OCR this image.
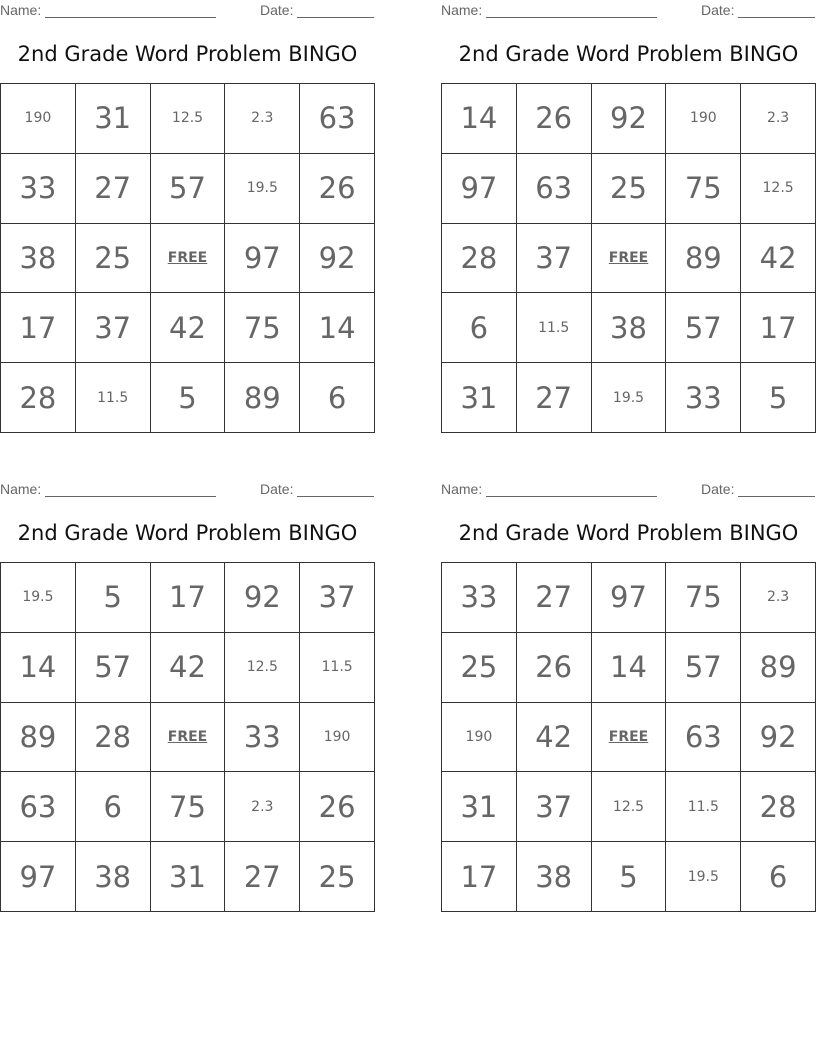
Name:	Date:
2nd Grade Word Problem BINGO
190	31	12.5	2.3	63
33	27	57	19.5	26
38	25	FREE	97	92
17	37	42	75	14
28	11.5	5	89	6
Name:	Date:
2nd Grade Word Problem BINGO
14	26	92	190	2.3
97	63	25	75	12.5
28	37	FREE	89	42
6	11.5	38	57	17
31	27	19.5	33	5
Name:	Date:
2nd Grade Word Problem BINGO
19.5	5	17	92	37
14	57	42	12.5	11.5
89	28	FREE	33	190
63	6	75	2.3	26
97	38	31	27	25
Name:	Date:
2nd Grade Word Problem BINGO
33	27	97	75	2.3
25	26	14	57	89
190	42	FREE	63	92
31	37	12.5	11.5	28
17	38	5	19.5	6
